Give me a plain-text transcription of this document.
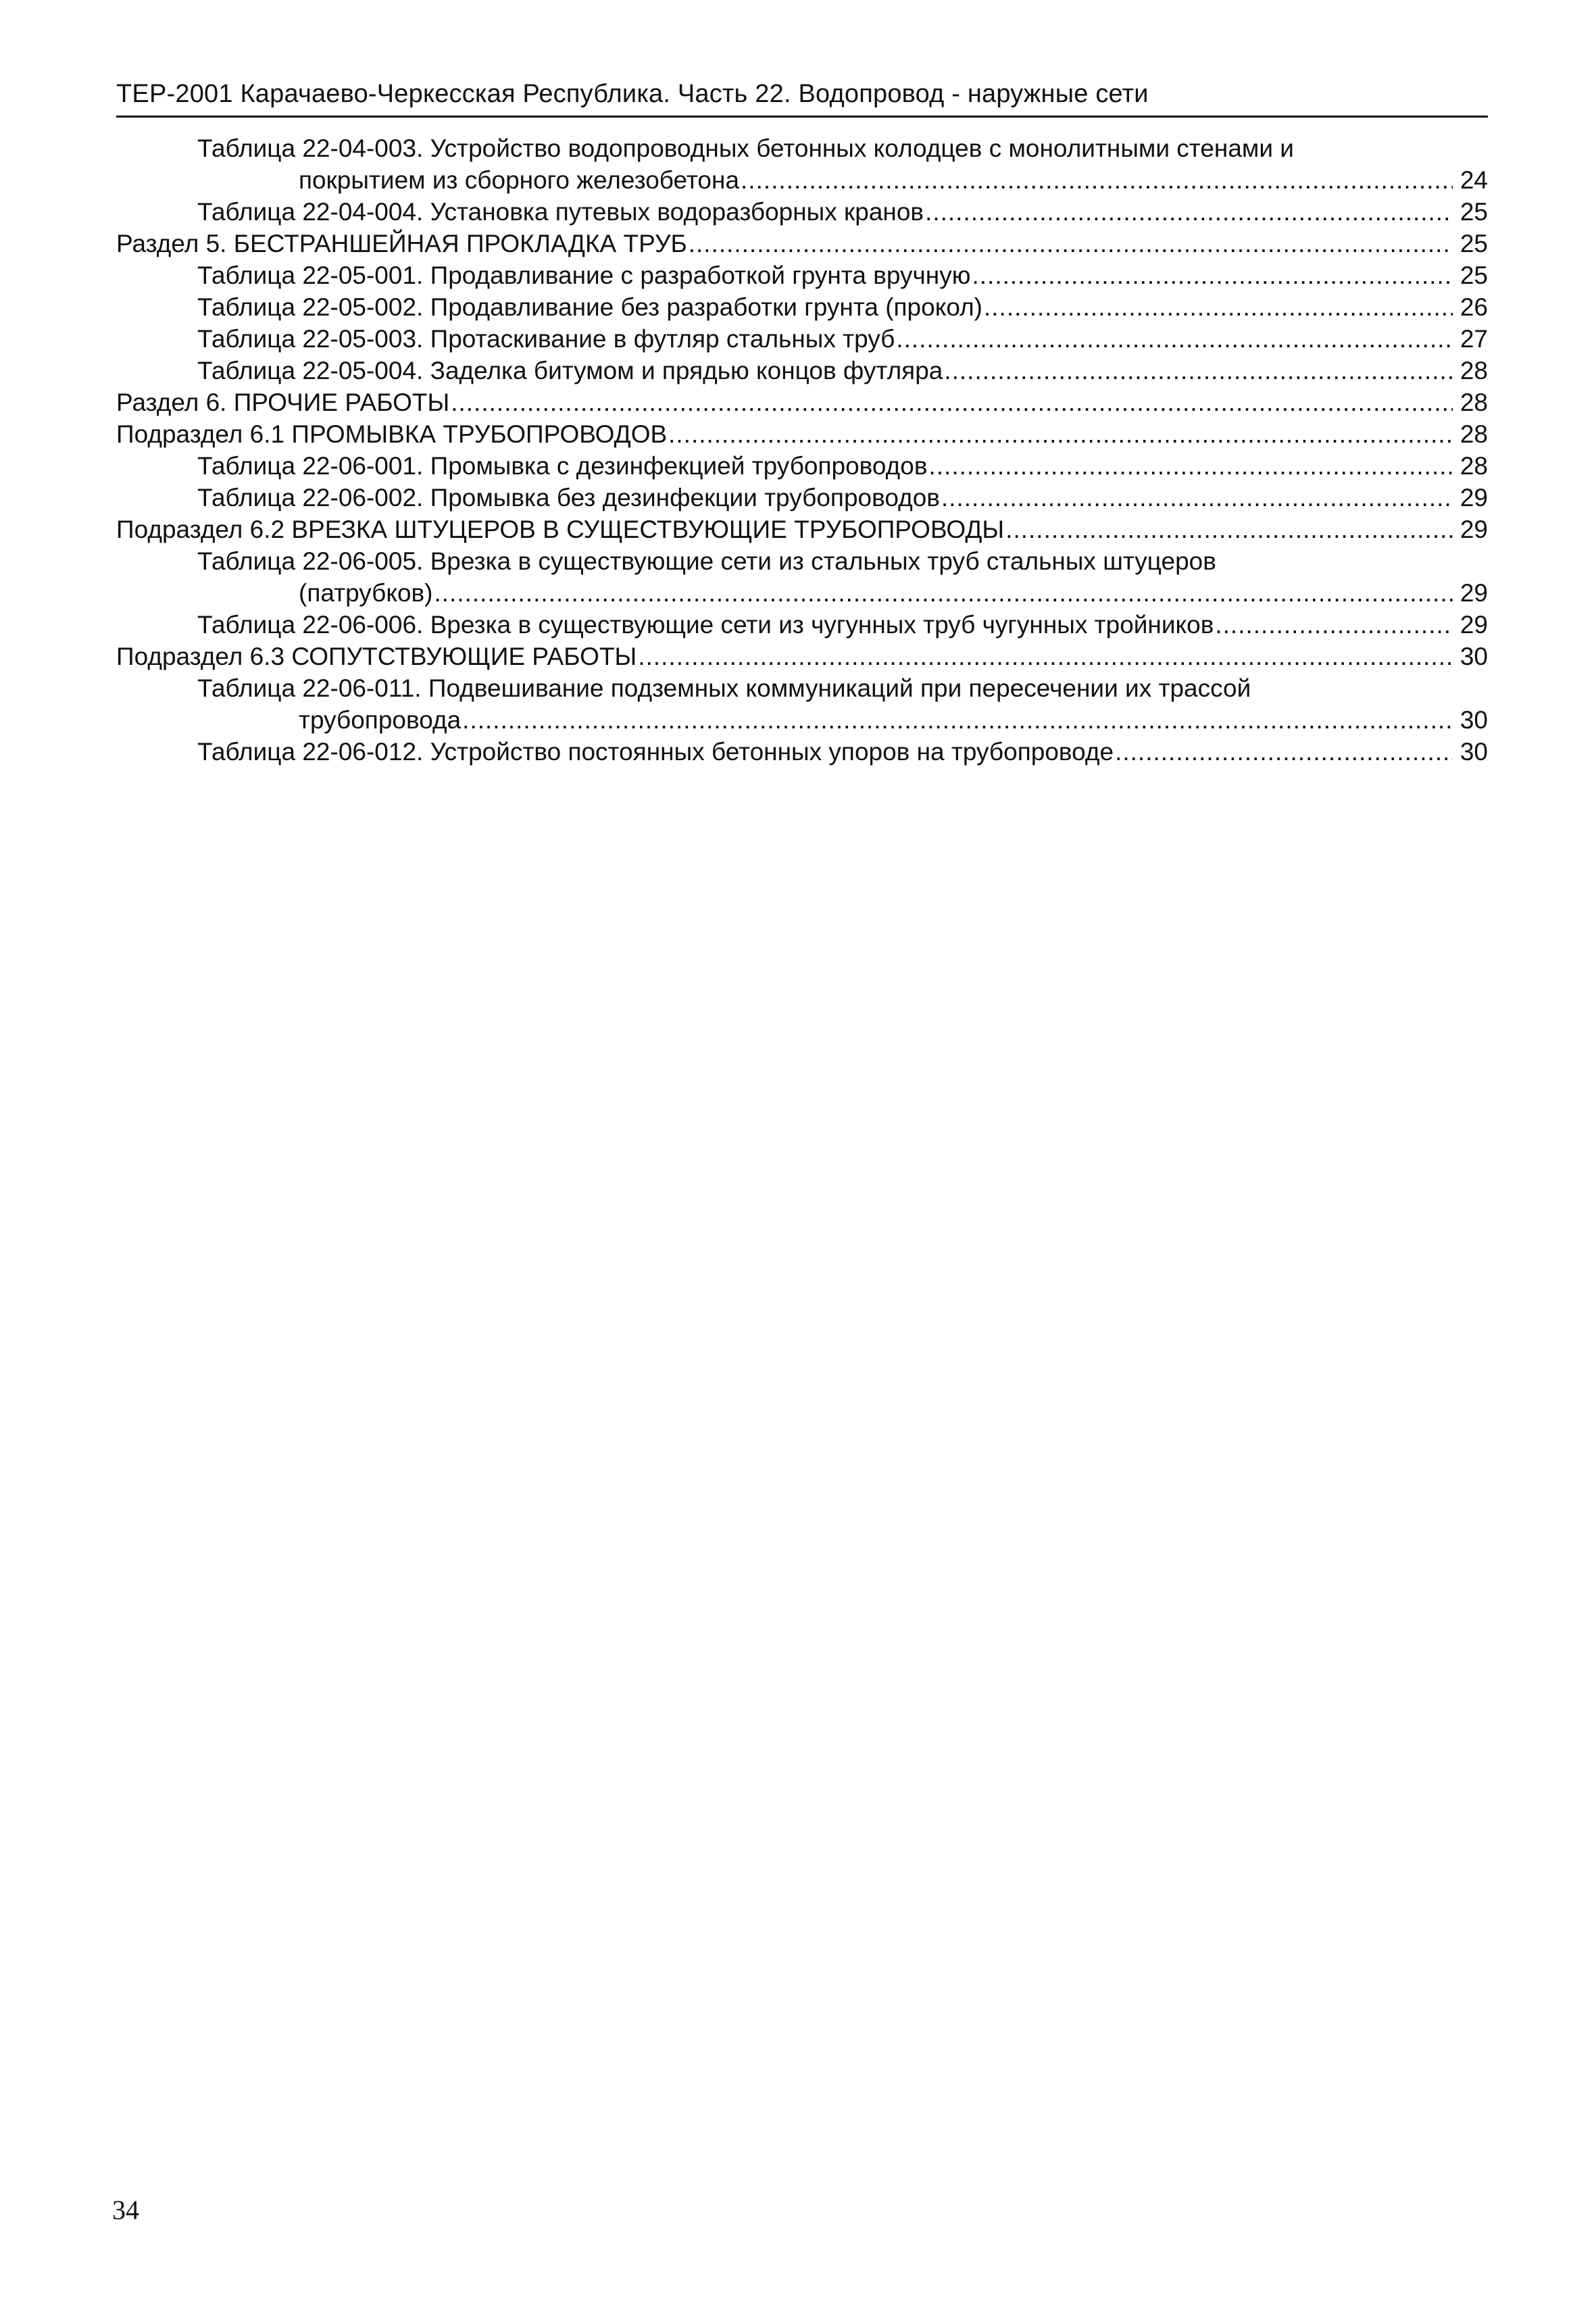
ТЕР-2001 Карачаево-Черкесская Республика. Часть 22. Водопровод - наружные сети
Таблица 22-04-003. Устройство водопроводных бетонных колодцев с монолитными стенами и
покрытием из сборного железобетона .....	24
Таблица 22-04-004. Установка путевых водоразборных кранов .....	25
Раздел 5. БЕСТРАНШЕЙНАЯ ПРОКЛАДКА ТРУБ .....	25
Таблица 22-05-001. Продавливание с разработкой грунта вручную .....	25
Таблица 22-05-002. Продавливание без разработки грунта (прокол) .....	26
Таблица 22-05-003. Протаскивание в футляр стальных труб .....	27
Таблица 22-05-004. Заделка битумом и прядью концов футляра .....	28
Раздел 6. ПРОЧИЕ РАБОТЫ .....	28
Подраздел 6.1 ПРОМЫВКА ТРУБОПРОВОДОВ .....	28
Таблица 22-06-001. Промывка с дезинфекцией трубопроводов .....	28
Таблица 22-06-002. Промывка без дезинфекции трубопроводов .....	29
Подраздел 6.2 ВРЕЗКА ШТУЦЕРОВ В СУЩЕСТВУЮЩИЕ ТРУБОПРОВОДЫ .....	29
Таблица 22-06-005. Врезка в существующие сети из стальных труб стальных штуцеров
(патрубков) .....	29
Таблица 22-06-006. Врезка в существующие сети из чугунных труб чугунных тройников .....	29
Подраздел 6.3 СОПУТСТВУЮЩИЕ РАБОТЫ .....	30
Таблица 22-06-011. Подвешивание подземных коммуникаций при пересечении их трассой
трубопровода .....	30
Таблица 22-06-012. Устройство постоянных бетонных упоров на трубопроводе .....	30
34
